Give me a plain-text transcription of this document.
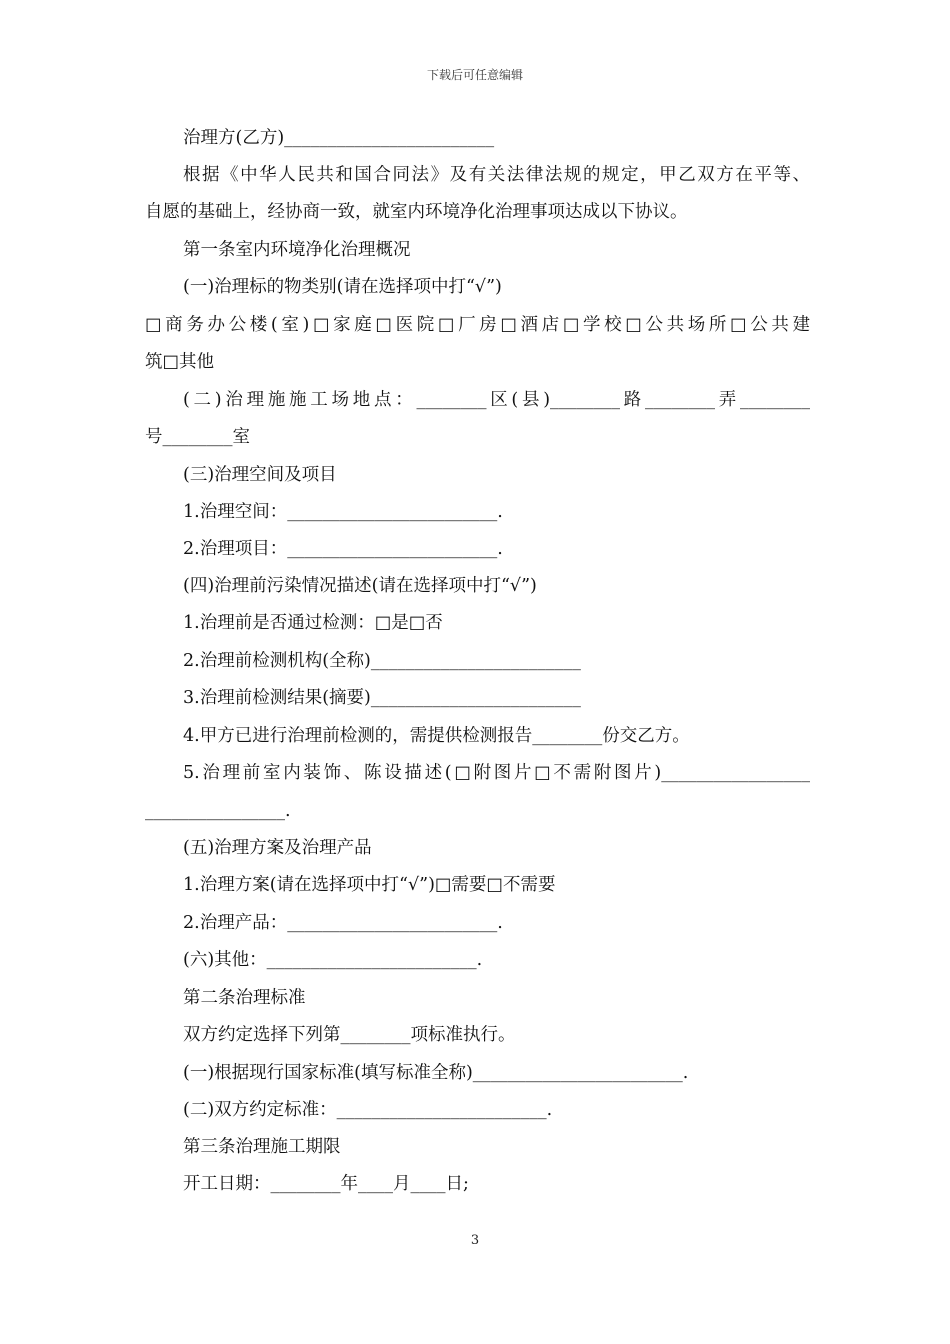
下载后可任意编辑
治理方(乙方)________________________
根据《中华人民共和国合同法》及有关法律法规的规定，甲乙双方在平等、
自愿的基础上，经协商一致，就室内环境净化治理事项达成以下协议。
第一条室内环境净化治理概况
(一)治理标的物类别(请在选择项中打“√”)
□商务办公楼(室)□家庭□医院□厂房□酒店□学校□公共场所□公共建
筑□其他
(二)治理施施工场地点：________区(县)________路________弄________
号________室
(三)治理空间及项目
1.治理空间：________________________.
2.治理项目：________________________.
(四)治理前污染情况描述(请在选择项中打“√”)
1.治理前是否通过检测：□是□否
2.治理前检测机构(全称)________________________
3.治理前检测结果(摘要)________________________
4.甲方已进行治理前检测的，需提供检测报告________份交乙方。
5.治理前室内装饰、陈设描述(□附图片□不需附图片)_________________
________________.
(五)治理方案及治理产品
1.治理方案(请在选择项中打“√”)□需要□不需要
2.治理产品：________________________.
(六)其他：________________________.
第二条治理标准
双方约定选择下列第________项标准执行。
(一)根据现行国家标准(填写标准全称)________________________.
(二)双方约定标准：________________________.
第三条治理施工期限
开工日期：________年____月____日;
3
